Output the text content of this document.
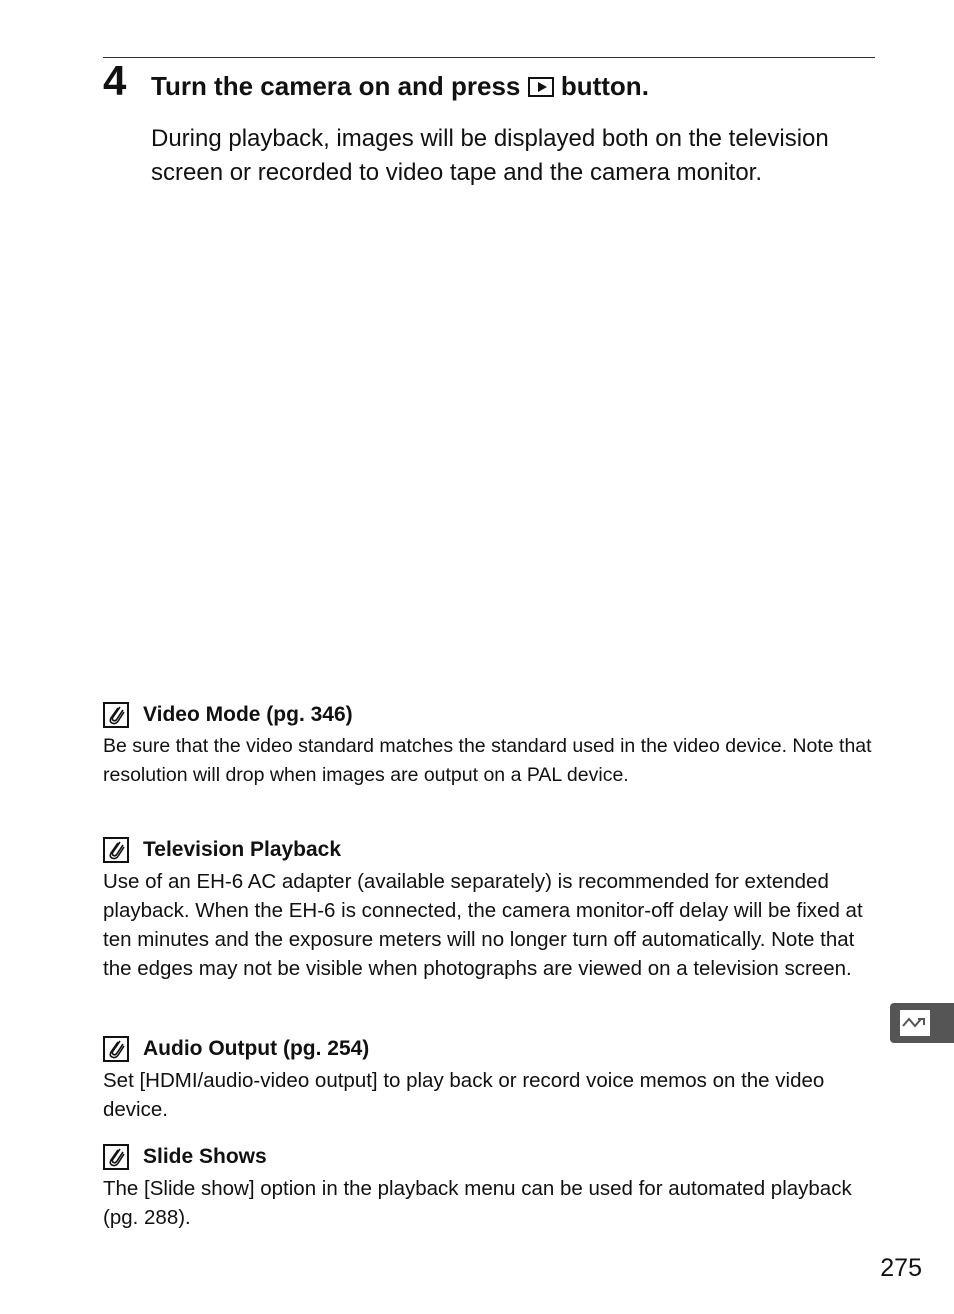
4 Turn the camera on and press  button.

During playback, images will be displayed both on the television screen or recorded to video tape and the camera monitor.

Video Mode (pg. 346)

Be sure that the video standard matches the standard used in the video device. Note that resolution will drop when images are output on a PAL device.

Television Playback

Use of an EH-6 AC adapter (available separately) is recommended for extended playback. When the EH-6 is connected, the camera monitor-off delay will be fixed at ten minutes and the exposure meters will no longer turn off automatically. Note that the edges may not be visible when photographs are viewed on a television screen.

Audio Output (pg. 254)

Set [HDMI/audio-video output] to play back or record voice memos on the video device.

Slide Shows

The [Slide show] option in the playback menu can be used for automated playback (pg. 288).

275
